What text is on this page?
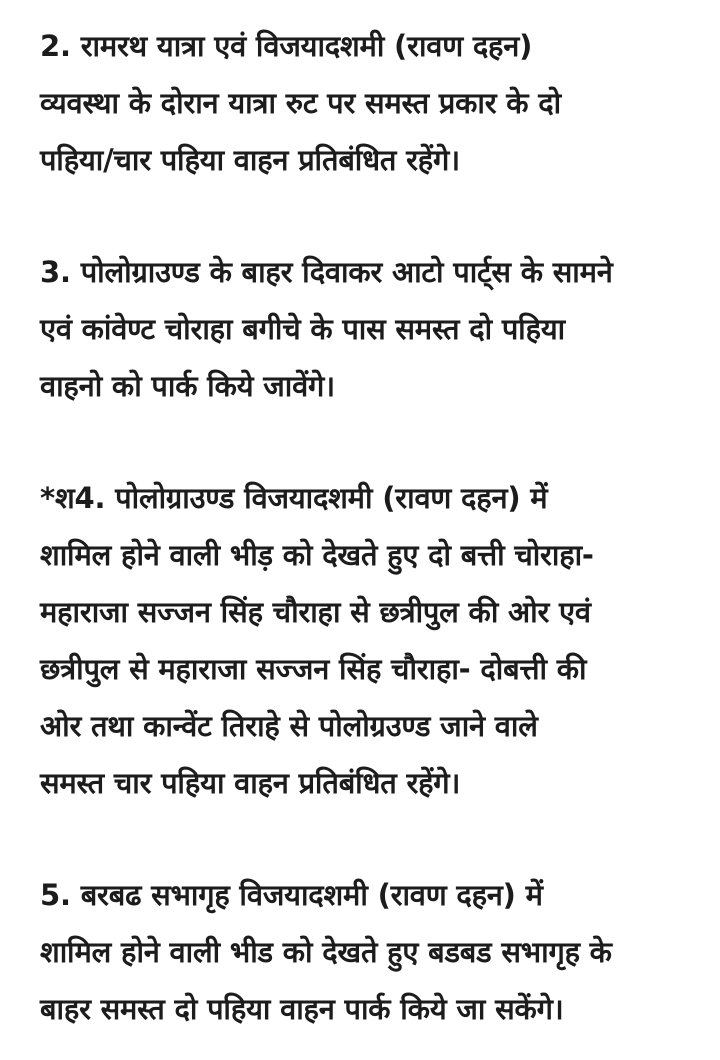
2. रामरथ यात्रा एवं विजयादशमी (रावण दहन)
व्यवस्था के दोरान यात्रा रुट पर समस्त प्रकार के दो
पहिया/चार पहिया वाहन प्रतिबंधित रहेंगे।

3. पोलोग्राउण्ड के बाहर दिवाकर आटो पार्ट्स के सामने
एवं कांवेण्ट चोराहा बगीचे के पास समस्त दो पहिया
वाहनो को पार्क किये जावेंगे।

*श4. पोलोग्राउण्ड विजयादशमी (रावण दहन) में
शामिल होने वाली भीड़ को देखते हुए दो बत्ती चोराहा-
महाराजा सज्जन सिंह चौराहा से छत्रीपुल की ओर एवं
छत्रीपुल से महाराजा सज्जन सिंह चौराहा- दोबत्ती की
ओर तथा कान्वेंट तिराहे से पोलोग्रउण्ड जाने वाले
समस्त चार पहिया वाहन प्रतिबंधित रहेंगे।

5. बरबढ सभागृह विजयादशमी (रावण दहन) में
शामिल होने वाली भीड को देखते हुए बडबड सभागृह के
बाहर समस्त दो पहिया वाहन पार्क किये जा सकेंगे।
